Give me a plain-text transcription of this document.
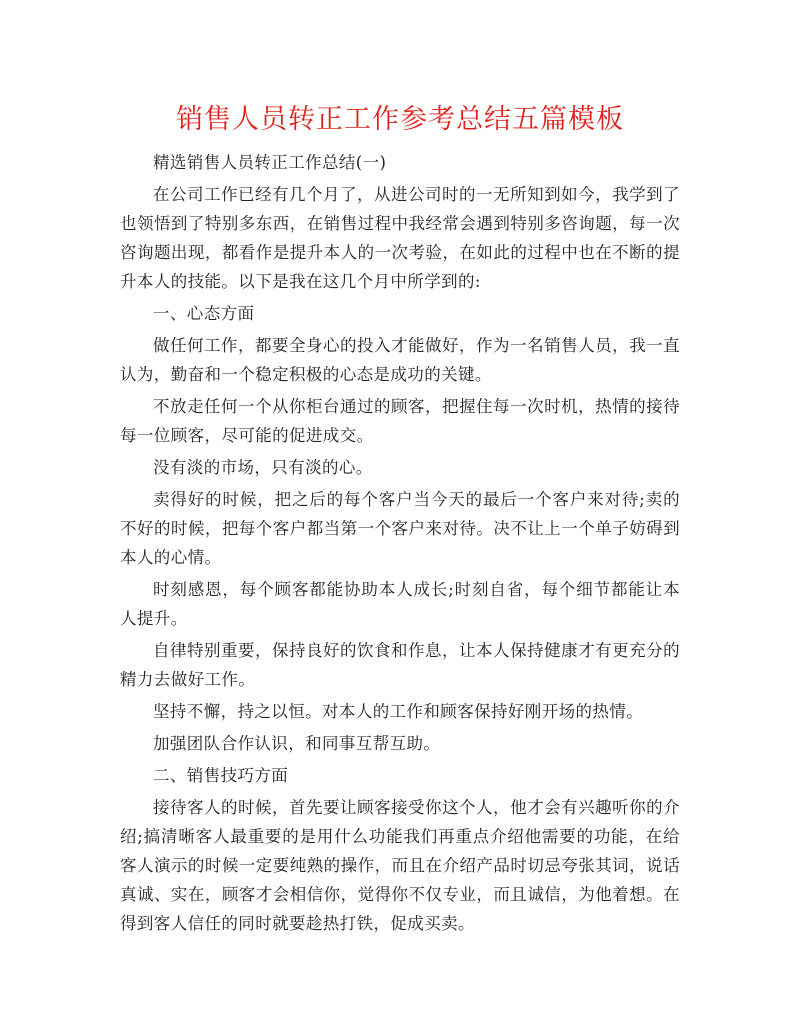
销售人员转正工作参考总结五篇模板

精选销售人员转正工作总结(一)

在公司工作已经有几个月了，从进公司时的一无所知到如今，我学到了也领悟到了特别多东西，在销售过程中我经常会遇到特别多咨询题，每一次咨询题出现，都看作是提升本人的一次考验，在如此的过程中也在不断的提升本人的技能。以下是我在这几个月中所学到的:

一、心态方面

做任何工作，都要全身心的投入才能做好，作为一名销售人员，我一直认为，勤奋和一个稳定积极的心态是成功的关键。

不放走任何一个从你柜台通过的顾客，把握住每一次时机，热情的接待每一位顾客，尽可能的促进成交。

没有淡的市场，只有淡的心。

卖得好的时候，把之后的每个客户当今天的最后一个客户来对待;卖的不好的时候，把每个客户都当第一个客户来对待。决不让上一个单子妨碍到本人的心情。

时刻感恩，每个顾客都能协助本人成长;时刻自省，每个细节都能让本人提升。

自律特别重要，保持良好的饮食和作息，让本人保持健康才有更充分的精力去做好工作。

坚持不懈，持之以恒。对本人的工作和顾客保持好刚开场的热情。

加强团队合作认识，和同事互帮互助。

二、销售技巧方面

接待客人的时候，首先要让顾客接受你这个人，他才会有兴趣听你的介绍;搞清晰客人最重要的是用什么功能我们再重点介绍他需要的功能，在给客人演示的时候一定要纯熟的操作，而且在介绍产品时切忌夸张其词，说话真诚、实在，顾客才会相信你，觉得你不仅专业，而且诚信，为他着想。在得到客人信任的同时就要趁热打铁，促成买卖。
